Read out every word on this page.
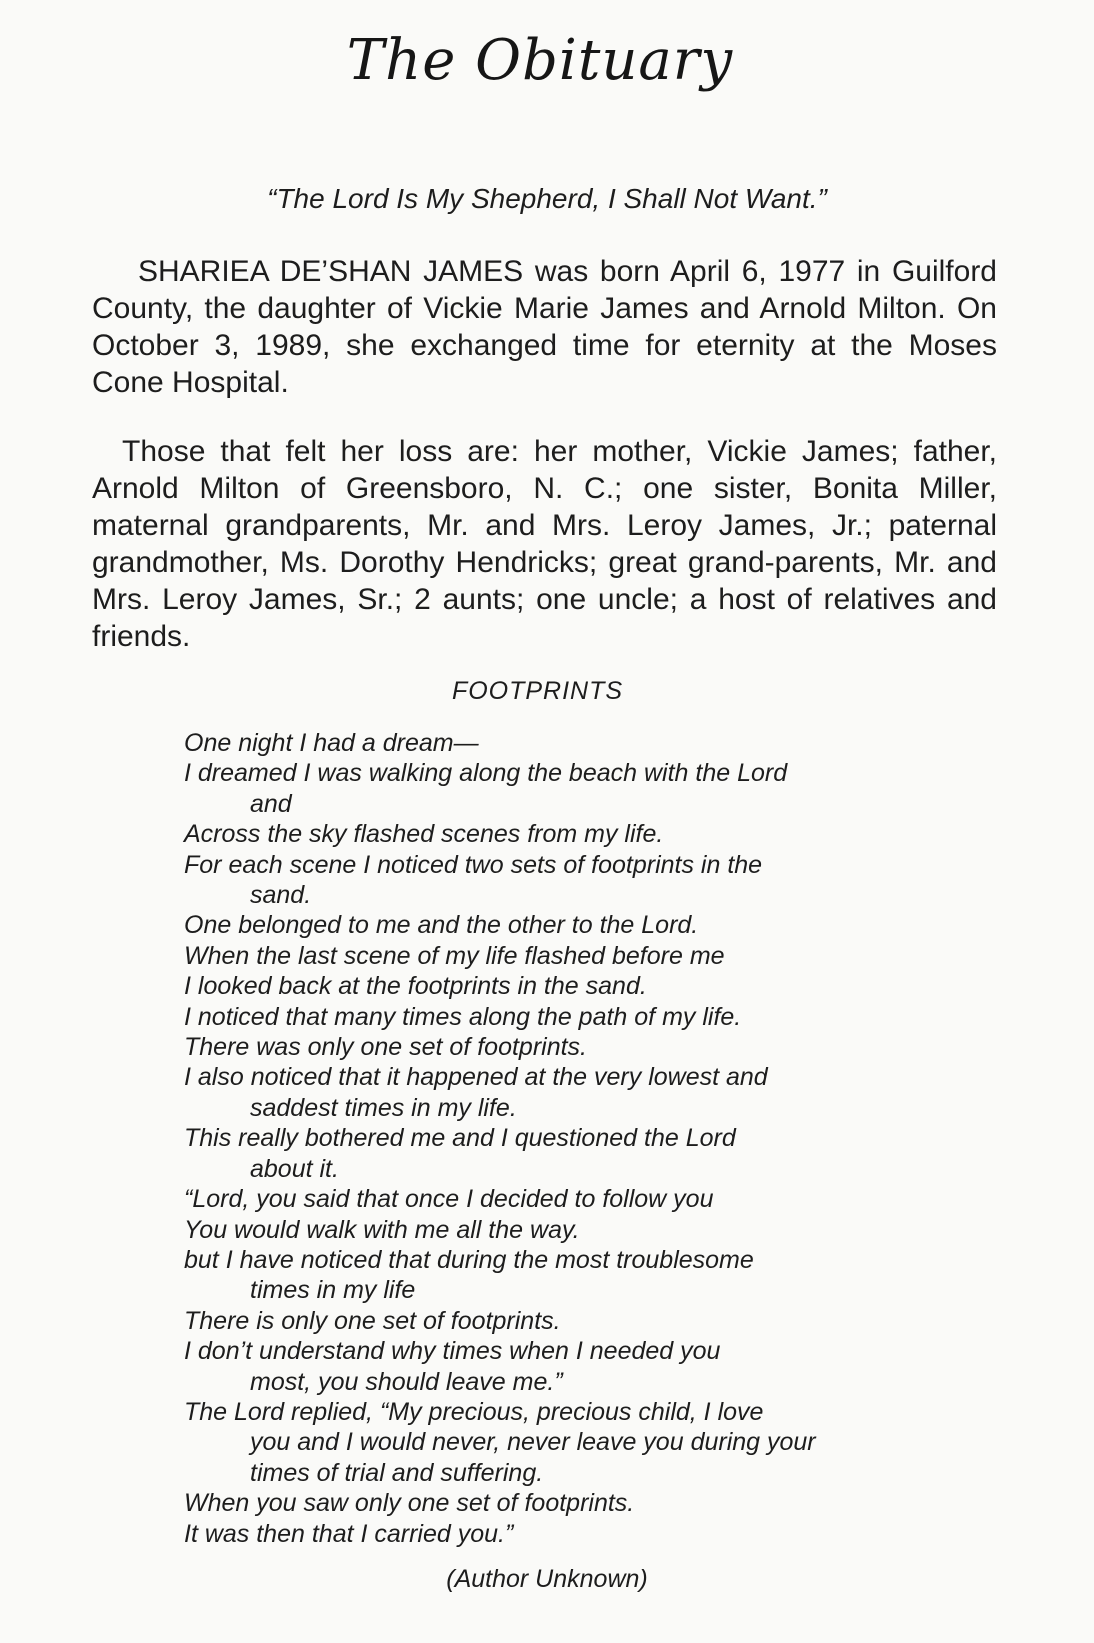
The Obituary
“The Lord Is My Shepherd, I Shall Not Want.”
SHARIEA DE’SHAN JAMES was born April 6, 1977 in Guilford County, the daughter of Vickie Marie James and Arnold Milton. On October 3, 1989, she exchanged time for eternity at the Moses Cone Hospital.
Those that felt her loss are: her mother, Vickie James; father, Arnold Milton of Greensboro, N. C.; one sister, Bonita Miller, maternal grandparents, Mr. and Mrs. Leroy James, Jr.; paternal grandmother, Ms. Dorothy Hendricks; great grand-parents, Mr. and Mrs. Leroy James, Sr.; 2 aunts; one uncle; a host of relatives and friends.
FOOTPRINTS
One night I had a dream—
I dreamed I was walking along the beach with the Lord
and
Across the sky flashed scenes from my life.
For each scene I noticed two sets of footprints in the
sand.
One belonged to me and the other to the Lord.
When the last scene of my life flashed before me
I looked back at the footprints in the sand.
I noticed that many times along the path of my life.
There was only one set of footprints.
I also noticed that it happened at the very lowest and
saddest times in my life.
This really bothered me and I questioned the Lord
about it.
“Lord, you said that once I decided to follow you
You would walk with me all the way.
but I have noticed that during the most troublesome
times in my life
There is only one set of footprints.
I don’t understand why times when I needed you
most, you should leave me.”
The Lord replied, “My precious, precious child, I love
you and I would never, never leave you during your
times of trial and suffering.
When you saw only one set of footprints.
It was then that I carried you.”
(Author Unknown)
